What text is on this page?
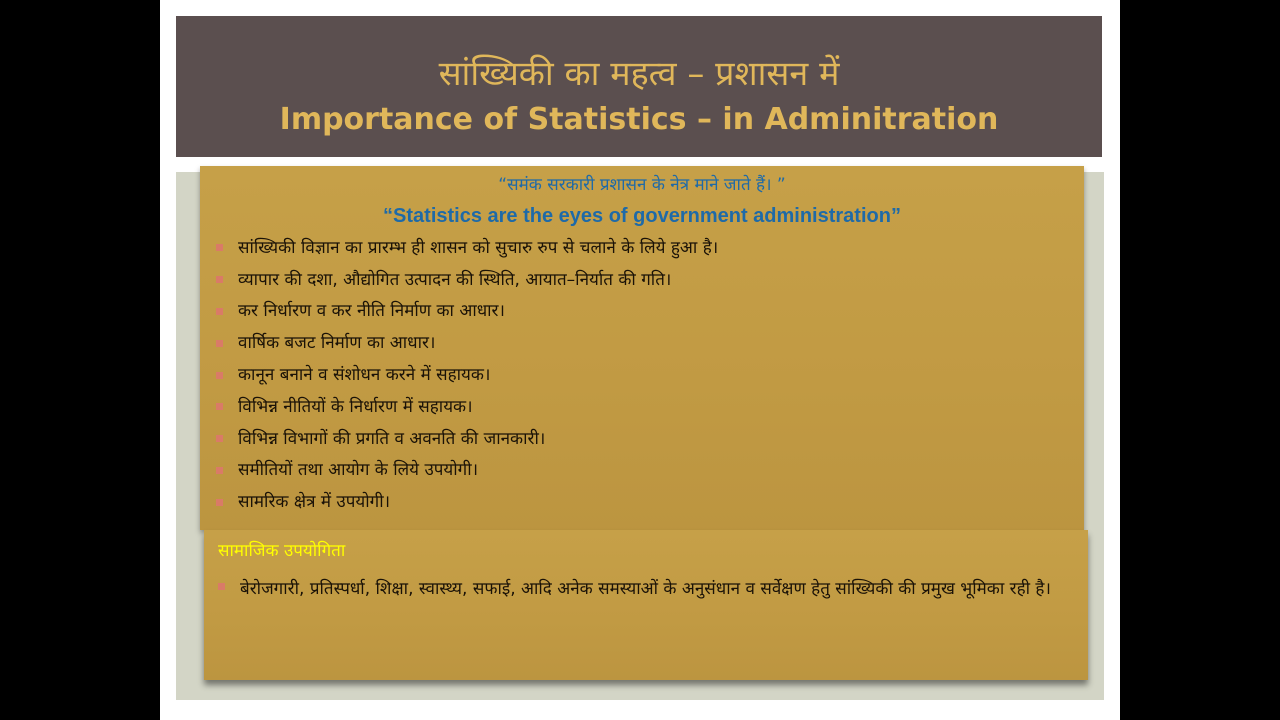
सांख्यिकी का महत्व – प्रशासन में
Importance of Statistics – in Adminitration
“समंक सरकारी प्रशासन के नेत्र माने जाते हैं। ”
“Statistics are the eyes of government administration”
सांख्यिकी विज्ञान का प्रारम्भ ही शासन को सुचारु रुप से चलाने के लिये हुआ है।
व्यापार की दशा, औद्योगित उत्पादन की स्थिति, आयात–निर्यात की गति।
कर निर्धारण व कर नीति निर्माण का आधार।
वार्षिक बजट निर्माण का आधार।
कानून बनाने व संशोधन करने में सहायक।
विभिन्न नीतियों के निर्धारण में सहायक।
विभिन्न विभागों की प्रगति व अवनति की जानकारी।
समीतियों तथा आयोग के लिये उपयोगी।
सामरिक क्षेत्र में उपयोगी।
सामाजिक उपयोगिता
बेरोजगारी, प्रतिस्पर्धा, शिक्षा, स्वास्थ्य, सफाई, आदि अनेक समस्याओं के अनुसंधान व सर्वेक्षण हेतु सांख्यिकी की प्रमुख भूमिका रही है।
